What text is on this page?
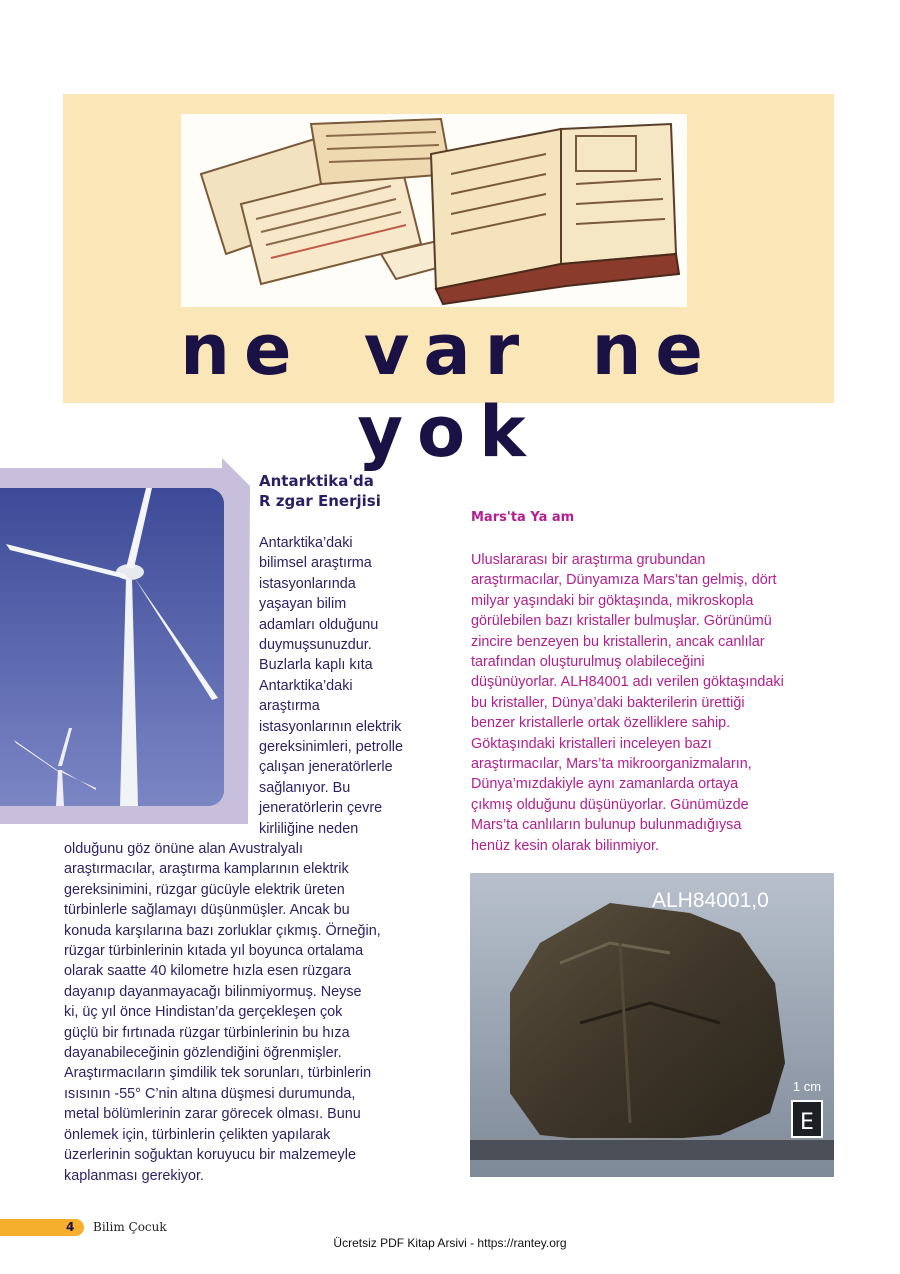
ne var ne yok
Antarktika'da
R zgar Enerjisi
Antarktika’daki
bilimsel araştırma
istasyonlarında
yaşayan bilim
adamları olduğunu
duymuşsunuzdur.
Buzlarla kaplı kıta
Antarktika’daki
araştırma
istasyonlarının elektrik
gereksinimleri, petrolle
çalışan jeneratörlerle
sağlanıyor. Bu
jeneratörlerin çevre
kirliliğine neden
olduğunu göz önüne alan Avustralyalı
araştırmacılar, araştırma kamplarının elektrik
gereksinimini, rüzgar gücüyle elektrik üreten
türbinlerle sağlamayı düşünmüşler. Ancak bu
konuda karşılarına bazı zorluklar çıkmış. Örneğin,
rüzgar türbinlerinin kıtada yıl boyunca ortalama
olarak saatte 40 kilometre hızla esen rüzgara
dayanıp dayanmayacağı bilinmiyormuş. Neyse
ki, üç yıl önce Hindistan’da gerçekleşen çok
güçlü bir fırtınada rüzgar türbinlerinin bu hıza
dayanabileceğinin gözlendiğini öğrenmişler.
Araştırmacıların şimdilik tek sorunları, türbinlerin
ısısının -55° C’nin altına düşmesi durumunda,
metal bölümlerinin zarar görecek olması. Bunu
önlemek için, türbinlerin çelikten yapılarak
üzerlerinin soğuktan koruyucu bir malzemeyle
kaplanması gerekiyor.
Mars'ta Ya am
Uluslararası bir araştırma grubundan
araştırmacılar, Dünyamıza Mars’tan gelmiş, dört
milyar yaşındaki bir göktaşında, mikroskopla
görülebilen bazı kristaller bulmuşlar. Görünümü
zincire benzeyen bu kristallerin, ancak canlılar
tarafından oluşturulmuş olabileceğini
düşünüyorlar. ALH84001 adı verilen göktaşındaki
bu kristaller, Dünya’daki bakterilerin ürettiği
benzer kristallerle ortak özelliklere sahip.
Göktaşındaki kristalleri inceleyen bazı
araştırmacılar, Mars’ta mikroorganizmaların,
Dünya’mızdakiyle aynı zamanlarda ortaya
çıkmış olduğunu düşünüyorlar. Günümüzde
Mars’ta canlıların bulunup bulunmadığıysa
henüz kesin olarak bilinmiyor.
ALH84001,0
E
1 cm
4 Bilim Çocuk
Ücretsiz PDF Kitap Arsivi - https://rantey.org
